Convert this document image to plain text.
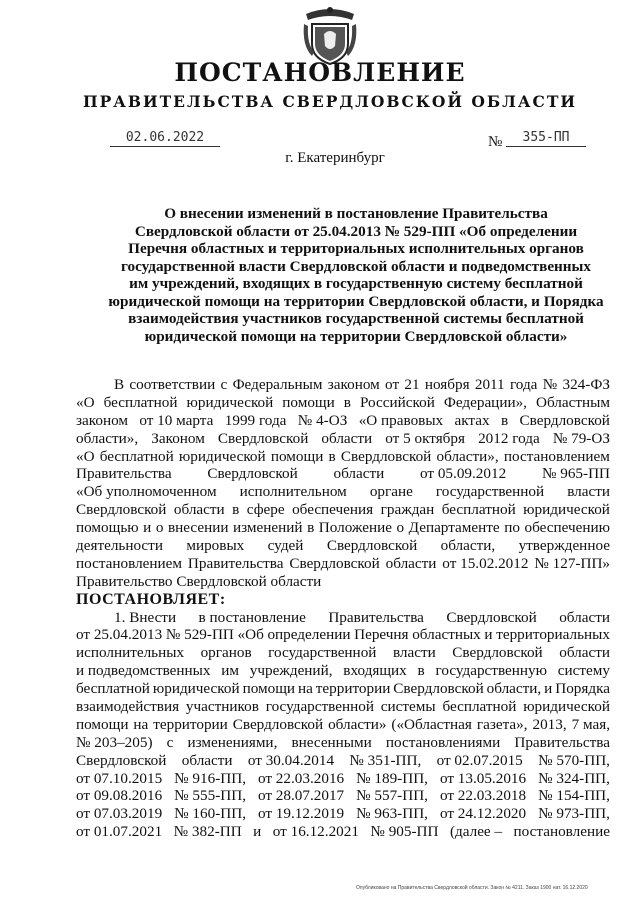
ПОСТАНОВЛЕНИЕ
ПРАВИТЕЛЬСТВА СВЕРДЛОВСКОЙ ОБЛАСТИ
02.06.2022	№	355-ПП
г. Екатеринбург
О внесении изменений в постановление Правительства
Свердловской области от 25.04.2013 № 529-ПП «Об определении
Перечня областных и территориальных исполнительных органов
государственной власти Свердловской области и подведомственных
им учреждений, входящих в государственную систему бесплатной
юридической помощи на территории Свердловской области, и Порядка
взаимодействия участников государственной системы бесплатной
юридической помощи на территории Свердловской области»
В соответствии с Федеральным законом от 21 ноября 2011 года № 324-ФЗ
«О бесплатной юридической помощи в Российской Федерации», Областным
законом от 10 марта 1999 года № 4-ОЗ «О правовых актах в Свердловской
области», Законом Свердловской области от 5 октября 2012 года № 79-ОЗ
«О бесплатной юридической помощи в Свердловской области», постановлением
Правительства Свердловской области от 05.09.2012 № 965-ПП
«Об уполномоченном исполнительном органе государственной власти
Свердловской области в сфере обеспечения граждан бесплатной юридической
помощью и о внесении изменений в Положение о Департаменте по обеспечению
деятельности мировых судей Свердловской области, утвержденное
постановлением Правительства Свердловской области от 15.02.2012 № 127-ПП»
Правительство Свердловской области
ПОСТАНОВЛЯЕТ:
1. Внести в постановление Правительства Свердловской области
от 25.04.2013 № 529-ПП «Об определении Перечня областных и территориальных
исполнительных органов государственной власти Свердловской области
и подведомственных им учреждений, входящих в государственную систему
бесплатной юридической помощи на территории Свердловской области, и Порядка
взаимодействия участников государственной системы бесплатной юридической
помощи на территории Свердловской области» («Областная газета», 2013, 7 мая,
№ 203–205) с изменениями, внесенными постановлениями Правительства
Свердловской области от 30.04.2014 № 351-ПП, от 02.07.2015 № 570-ПП,
от 07.10.2015 № 916-ПП, от 22.03.2016 № 189-ПП, от 13.05.2016 № 324-ПП,
от 09.08.2016 № 555-ПП, от 28.07.2017 № 557-ПП, от 22.03.2018 № 154-ПП,
от 07.03.2019 № 160-ПП, от 19.12.2019 № 963-ПП, от 24.12.2020 № 973-ПП,
от 01.07.2021 № 382-ПП и от 16.12.2021 № 905-ПП (далее – постановление
Опубликовано на Правительства Свердловской области. Закон № 4211. Заказ 1900 нат. 16.12.2020
